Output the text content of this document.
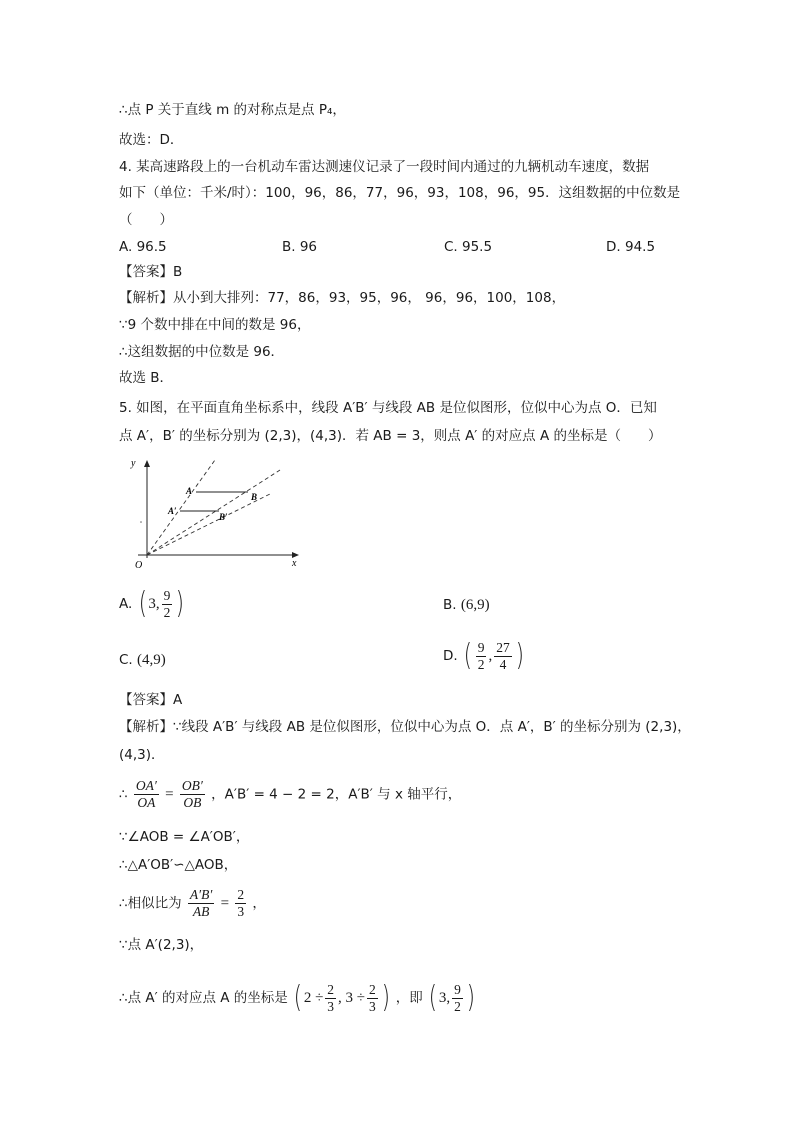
∴点 P 关于直线 m 的对称点是点 P₄，
故选：D．
4. 某高速路段上的一台机动车雷达测速仪记录了一段时间内通过的九辆机动车速度，数据
如下（单位：千米/时）：100，96，86，77，96，93，108，96，95．这组数据的中位数是
（　　）
A. 96.5	B. 96	C. 95.5	D. 94.5
【答案】B
【解析】从小到大排列：77，86，93，95，96， 96，96，100，108，
∵9 个数中排在中间的数是 96，
∴这组数据的中位数是 96．
故选 B．
5. 如图，在平面直角坐标系中，线段 A′B′ 与线段 AB 是位似图形，位似中心为点 O．已知
点 A′，B′ 的坐标分别为 (2,3)，(4,3)．若 AB = 3，则点 A′ 的对应点 A 的坐标是（　　）
y
x
O
A
B
A′
B′
A. ( 3, $\frac{9}{2}$ )	B. (6,9)
C. (4,9)	D. ( $\frac{9}{2}$ , $\frac{27}{4}$ )
【答案】A
【解析】∵线段 A′B′ 与线段 AB 是位似图形，位似中心为点 O．点 A′，B′ 的坐标分别为 (2,3)，
(4,3)．
∴ $\frac{OA'}{OA} = \frac{OB'}{OB}$ ，A′B′ = 4 − 2 = 2，A′B′ 与 x 轴平行，
∵∠AOB = ∠A′OB′，
∴△A′OB′∽△AOB，
∴相似比为 $\frac{A'B'}{AB} = \frac{2}{3}$ ，
∵点 A′(2,3)，
∴点 A′ 的对应点 A 的坐标是 ( $2 \div \frac{2}{3}$ , $3 \div \frac{2}{3}$ ) ，即 ( 3, $\frac{9}{2}$ )
